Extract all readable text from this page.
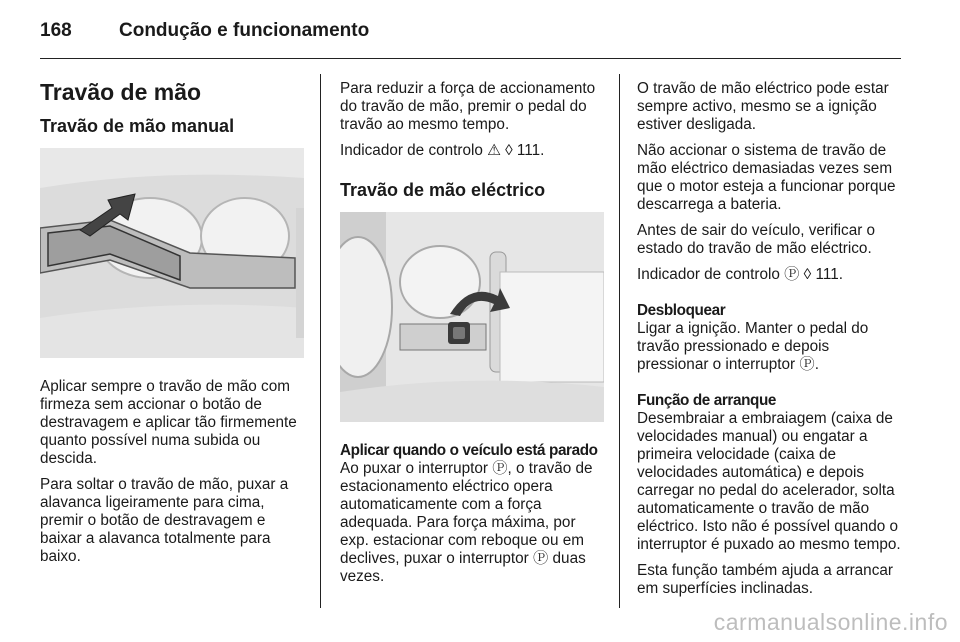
168 Condução e funcionamento
Travão de mão
Travão de mão manual

Aplicar sempre o travão de mão com firmeza sem accionar o botão de destravagem e aplicar tão firmemente quanto possível numa subida ou descida.

Para soltar o travão de mão, puxar a alavanca ligeiramente para cima, premir o botão de destravagem e baixar a alavanca totalmente para baixo.

Para reduzir a força de accionamento do travão de mão, premir o pedal do travão ao mesmo tempo.

Indicador de controlo ⚠ ◊ 111.

Travão de mão eléctrico
Aplicar quando o veículo está parado

Ao puxar o interruptor Ⓟ, o travão de estacionamento eléctrico opera automaticamente com a força adequada. Para força máxima, por exp. estacionar com reboque ou em declives, puxar o interruptor Ⓟ duas vezes.

O travão de mão eléctrico pode estar sempre activo, mesmo se a ignição estiver desligada.

Não accionar o sistema de travão de mão eléctrico demasiadas vezes sem que o motor esteja a funcionar porque descarrega a bateria.

Antes de sair do veículo, verificar o estado do travão de mão eléctrico.

Indicador de controlo Ⓟ ◊ 111.

Desbloquear

Ligar a ignição. Manter o pedal do travão pressionado e depois pressionar o interruptor Ⓟ.

Função de arranque

Desembraiar a embraiagem (caixa de velocidades manual) ou engatar a primeira velocidade (caixa de velocidades automática) e depois carregar no pedal do acelerador, solta automaticamente o travão de mão eléctrico. Isto não é possível quando o interruptor é puxado ao mesmo tempo.

Esta função também ajuda a arrancar em superfícies inclinadas.

carmanualsonline.info
